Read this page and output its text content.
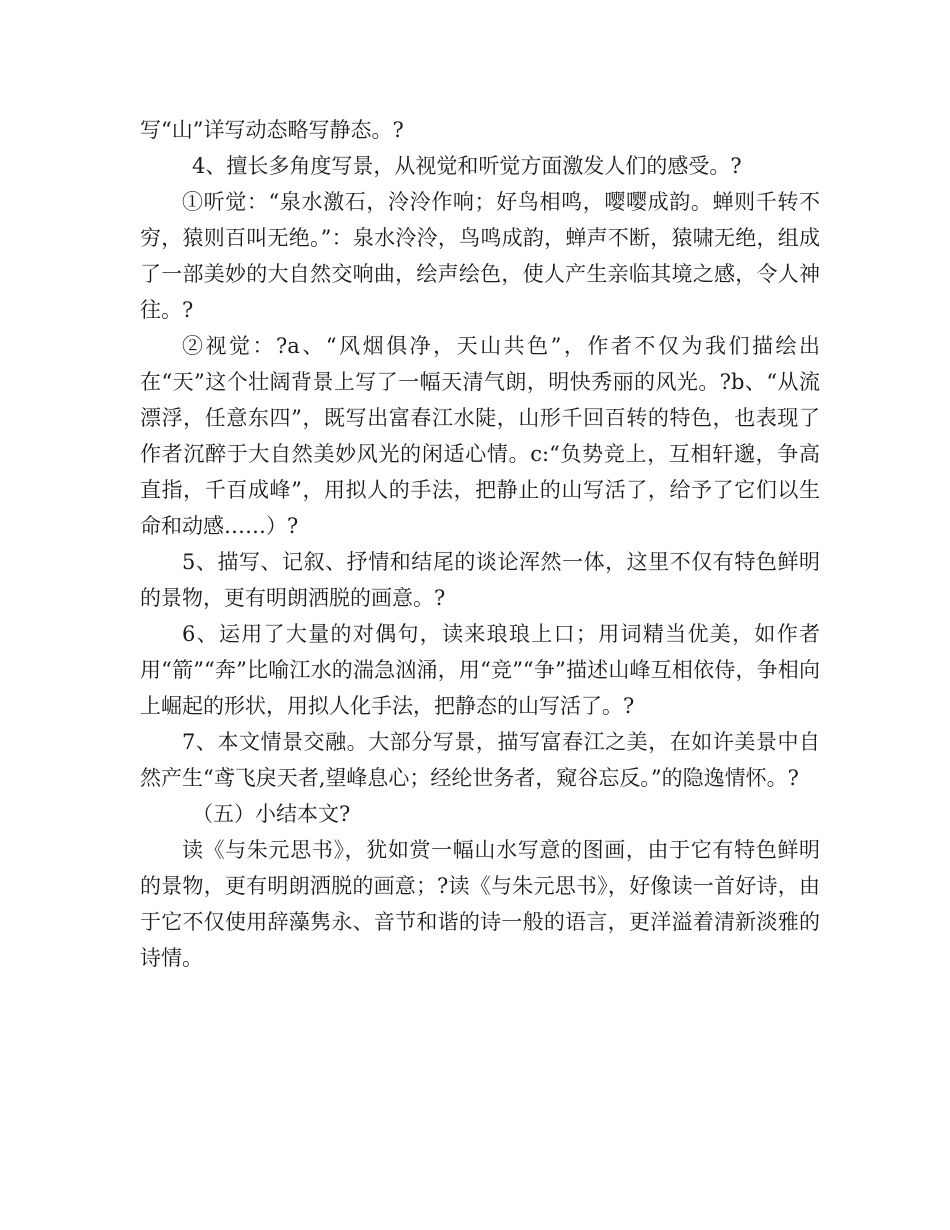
写“山”详写动态略写静态。?

4、擅长多角度写景，从视觉和听觉方面激发人们的感受。?

①听觉：“泉水激石，泠泠作响；好鸟相鸣，嘤嘤成韵。蝉则千转不穷，猿则百叫无绝。”：泉水泠泠，鸟鸣成韵，蝉声不断，猿啸无绝，组成了一部美妙的大自然交响曲，绘声绘色，使人产生亲临其境之感，令人神往。?

②视觉：?a、“风烟俱净，天山共色”，作者不仅为我们描绘出在“天”这个壮阔背景上写了一幅天清气朗，明快秀丽的风光。?b、“从流漂浮，任意东四”，既写出富春江水陡，山形千回百转的特色，也表现了作者沉醉于大自然美妙风光的闲适心情。c:“负势竞上，互相轩邈，争高直指，千百成峰”，用拟人的手法，把静止的山写活了，给予了它们以生命和动感……）?

5、描写、记叙、抒情和结尾的谈论浑然一体，这里不仅有特色鲜明的景物，更有明朗洒脱的画意。?

6、运用了大量的对偶句，读来琅琅上口；用词精当优美，如作者用“箭”“奔”比喻江水的湍急汹涌，用“竞”“争”描述山峰互相依侍，争相向上崛起的形状，用拟人化手法，把静态的山写活了。?

7、本文情景交融。大部分写景，描写富春江之美，在如许美景中自然产生“鸢飞戾天者,望峰息心；经纶世务者，窥谷忘反。”的隐逸情怀。?

（五）小结本文?

读《与朱元思书》，犹如赏一幅山水写意的图画，由于它有特色鲜明的景物，更有明朗洒脱的画意；?读《与朱元思书》，好像读一首好诗，由于它不仅使用辞藻隽永、音节和谐的诗一般的语言，更洋溢着清新淡雅的诗情。
